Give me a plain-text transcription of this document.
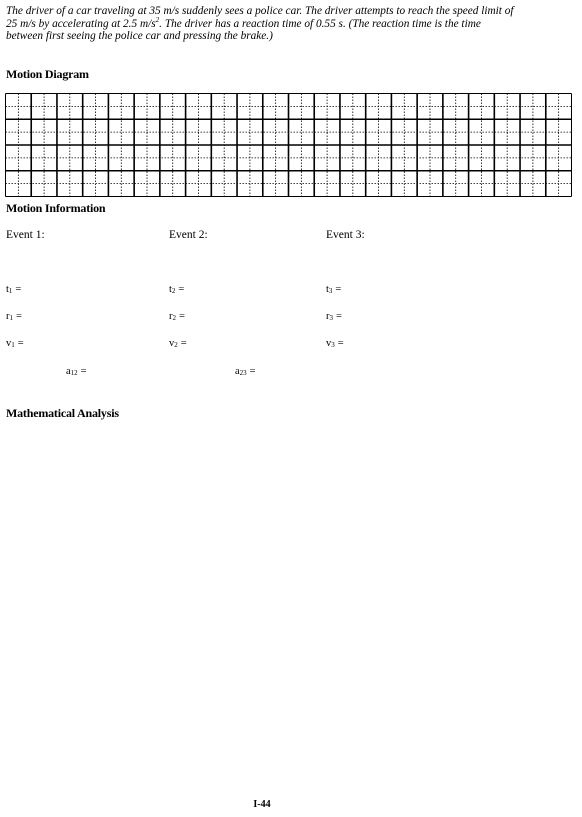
The driver of a car traveling at 35 m/s suddenly sees a police car. The driver attempts to reach the speed limit of 25 m/s by accelerating at 2.5 $m/s^2$. The driver has a reaction time of 0.55 s. (The reaction time is the time between first seeing the police car and pressing the brake.)
Motion Diagram
Motion Information
Event 1:
$t_1$ =
$r_1$ =
$v_1$ =
Event 2:
$t_2$ =
$r_2$ =
$v_2$ =
Event 3:
$t_3$ =
$r_3$ =
$v_3$ =
$a_{12}$ =	$a_{23}$ =
Mathematical Analysis
I-44
